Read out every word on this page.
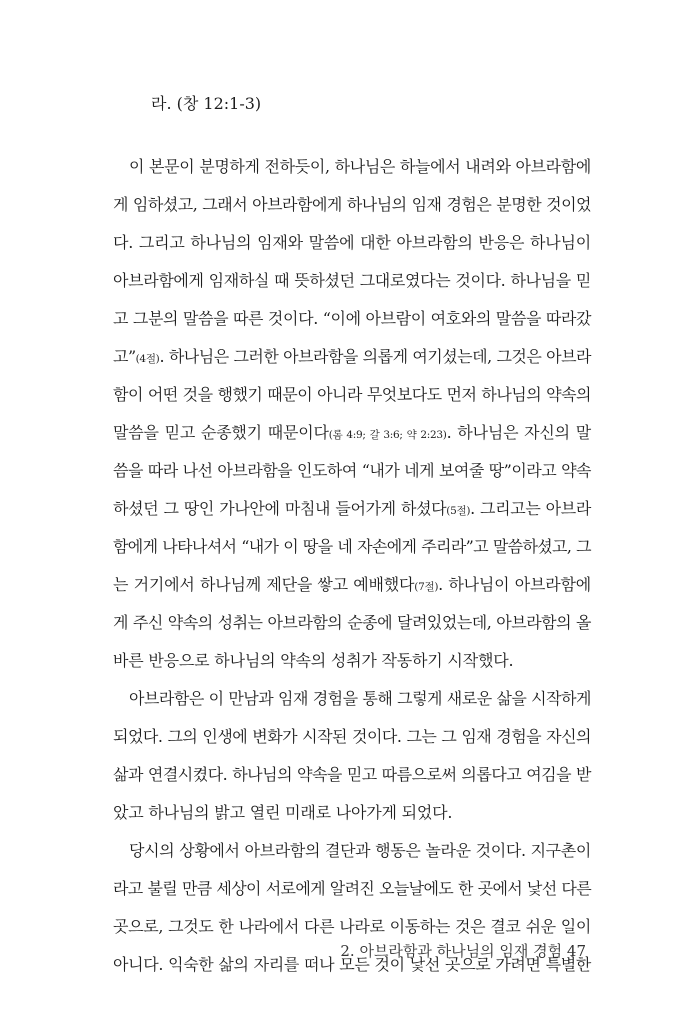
라. (창 12:1-3)
이 본문이 분명하게 전하듯이, 하나님은 하늘에서 내려와 아브라함에
게 임하셨고, 그래서 아브라함에게 하나님의 임재 경험은 분명한 것이었
다. 그리고 하나님의 임재와 말씀에 대한 아브라함의 반응은 하나님이
아브라함에게 임재하실 때 뜻하셨던 그대로였다는 것이다. 하나님을 믿
고 그분의 말씀을 따른 것이다. “이에 아브람이 여호와의 말씀을 따라갔
고”(4절). 하나님은 그러한 아브라함을 의롭게 여기셨는데, 그것은 아브라
함이 어떤 것을 행했기 때문이 아니라 무엇보다도 먼저 하나님의 약속의
말씀을 믿고 순종했기 때문이다(롬 4:9; 갈 3:6; 약 2:23). 하나님은 자신의 말
씀을 따라 나선 아브라함을 인도하여 “내가 네게 보여줄 땅”이라고 약속
하셨던 그 땅인 가나안에 마침내 들어가게 하셨다(5절). 그리고는 아브라
함에게 나타나셔서 “내가 이 땅을 네 자손에게 주리라”고 말씀하셨고, 그
는 거기에서 하나님께 제단을 쌓고 예배했다(7절). 하나님이 아브라함에
게 주신 약속의 성취는 아브라함의 순종에 달려있었는데, 아브라함의 올
바른 반응으로 하나님의 약속의 성취가 작동하기 시작했다.
아브라함은 이 만남과 임재 경험을 통해 그렇게 새로운 삶을 시작하게
되었다. 그의 인생에 변화가 시작된 것이다. 그는 그 임재 경험을 자신의
삶과 연결시켰다. 하나님의 약속을 믿고 따름으로써 의롭다고 여김을 받
았고 하나님의 밝고 열린 미래로 나아가게 되었다.
당시의 상황에서 아브라함의 결단과 행동은 놀라운 것이다. 지구촌이
라고 불릴 만큼 세상이 서로에게 알려진 오늘날에도 한 곳에서 낯선 다른
곳으로, 그것도 한 나라에서 다른 나라로 이동하는 것은 결코 쉬운 일이
아니다. 익숙한 삶의 자리를 떠나 모든 것이 낯선 곳으로 가려면 특별한
2. 아브라함과 하나님의 임재 경험 47
